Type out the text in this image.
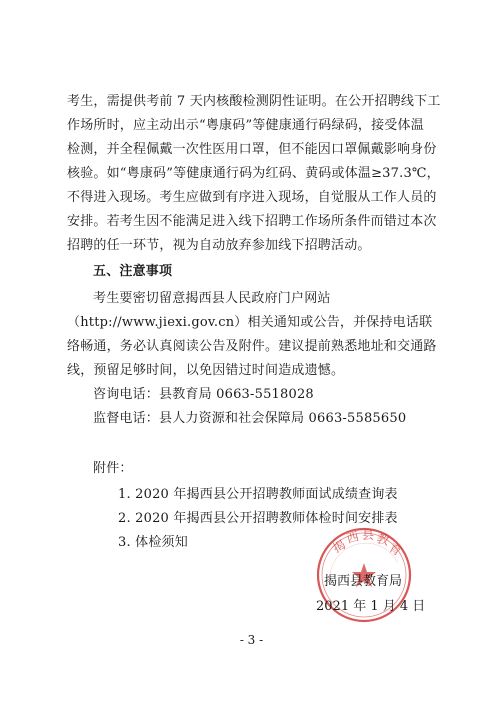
考生，需提供考前 7 天内核酸检测阴性证明。在公开招聘线下工
作场所时，应主动出示“粤康码”等健康通行码绿码，接受体温
检测，并全程佩戴一次性医用口罩，但不能因口罩佩戴影响身份
核验。如“粤康码”等健康通行码为红码、黄码或体温≥37.3℃，
不得进入现场。考生应做到有序进入现场，自觉服从工作人员的
安排。若考生因不能满足进入线下招聘工作场所条件而错过本次
招聘的任一环节，视为自动放弃参加线下招聘活动。
五、注意事项
考生要密切留意揭西县人民政府门户网站
（http://www.jiexi.gov.cn）相关通知或公告，并保持电话联
络畅通，务必认真阅读公告及附件。建议提前熟悉地址和交通路
线，预留足够时间，以免因错过时间造成遗憾。
咨询电话：县教育局 0663-5518028
监督电话：县人力资源和社会保障局 0663-5585650
附件：
1. 2020 年揭西县公开招聘教师面试成绩查询表
2. 2020 年揭西县公开招聘教师体检时间安排表
3. 体检须知	揭
西 县 教
育
揭西县教育局
2021 年 1 月 4 日
- 3 -
